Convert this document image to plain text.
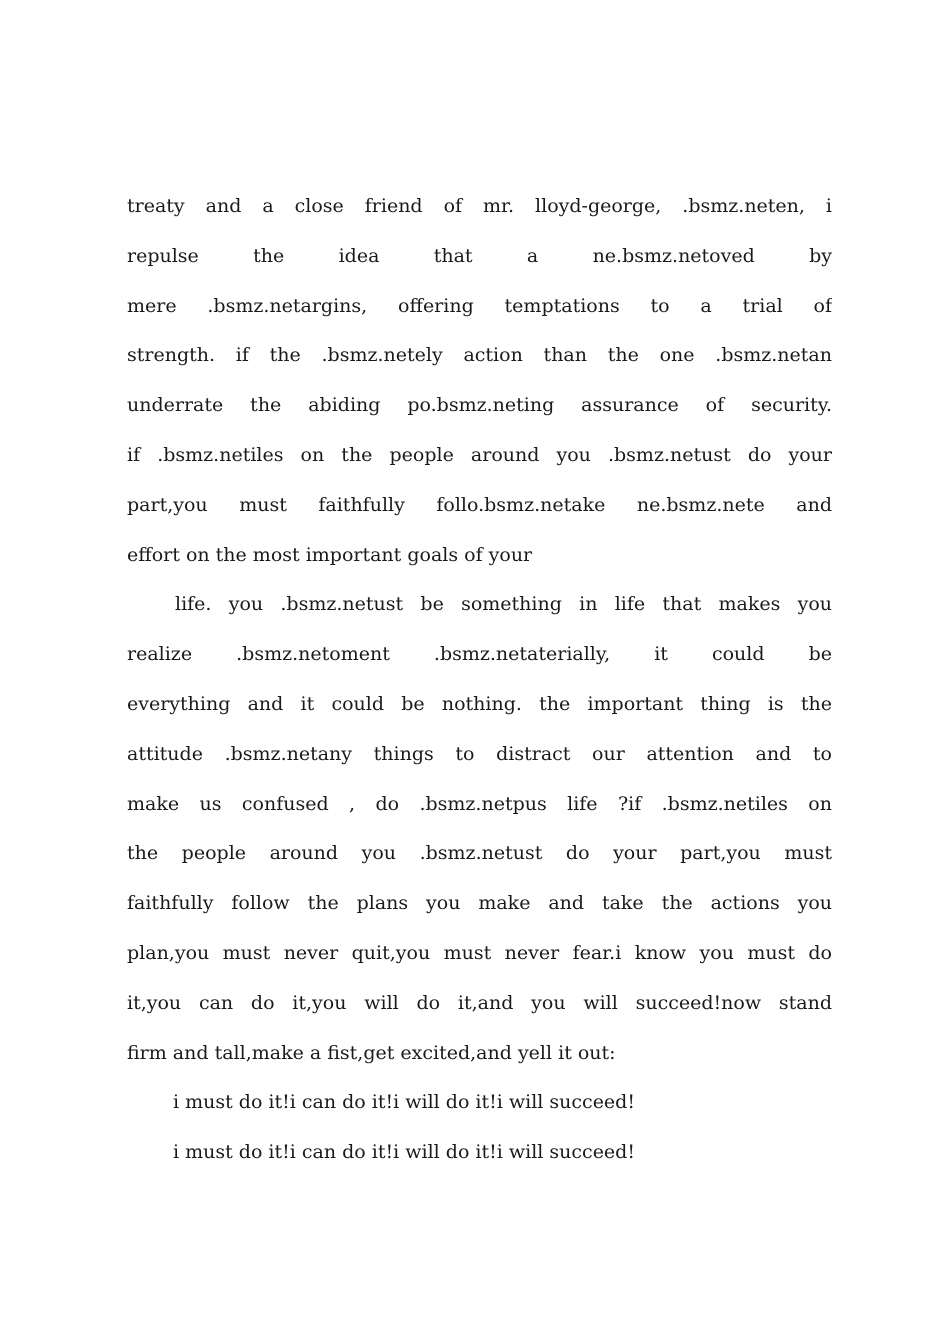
treaty and a close friend of mr. lloyd-george, .bsmz.neten, i
repulse the idea that a ne.bsmz.netoved by
mere .bsmz.netargins, offering temptations to a trial of
strength. if the .bsmz.netely action than the one .bsmz.netan
underrate the abiding po.bsmz.neting assurance of security.
if .bsmz.netiles on the people around you .bsmz.netust do your
part,you must faithfully follo.bsmz.netake ne.bsmz.nete and
effort on the most important goals of your
life. you .bsmz.netust be something in life that makes you
realize .bsmz.netoment .bsmz.netaterially, it could be
everything and it could be nothing. the important thing is the
attitude .bsmz.netany things to distract our attention and to
make us confused , do .bsmz.netpus life ?if .bsmz.netiles on
the people around you .bsmz.netust do your part,you must
faithfully follow the plans you make and take the actions you
plan,you must never quit,you must never fear.i know you must do
it,you can do it,you will do it,and you will succeed!now stand
firm and tall,make a fist,get excited,and yell it out:
i must do it!i can do it!i will do it!i will succeed!
i must do it!i can do it!i will do it!i will succeed!
